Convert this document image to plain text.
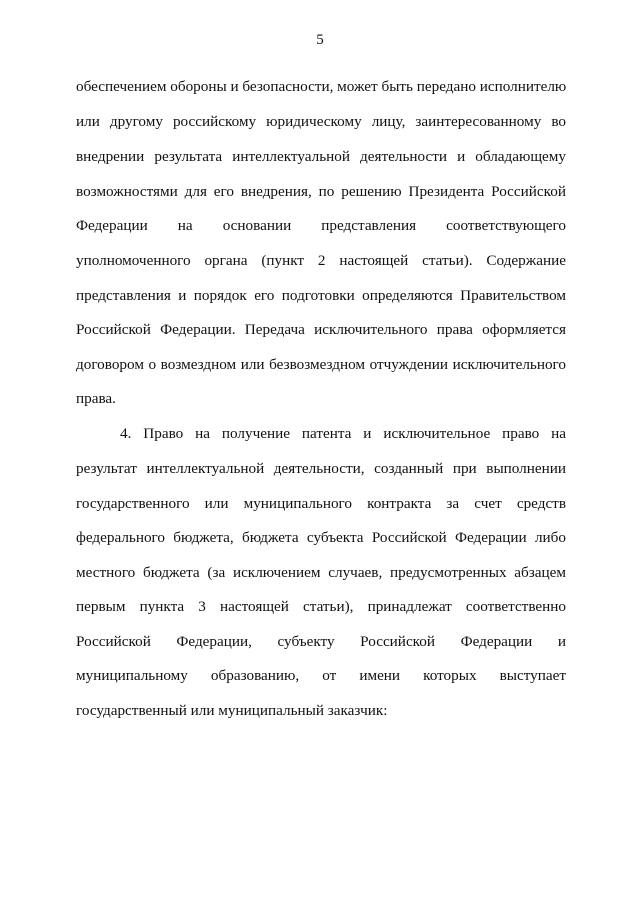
5
обеспечением обороны и безопасности, может быть передано исполнителю
или другому российскому юридическому лицу, заинтересованному во
внедрении результата интеллектуальной деятельности и обладающему
возможностями для его внедрения, по решению Президента Российской
Федерации на основании представления соответствующего
уполномоченного органа (пункт 2 настоящей статьи). Содержание
представления и порядок его подготовки определяются Правительством
Российской Федерации. Передача исключительного права оформляется
договором о возмездном или безвозмездном отчуждении исключительного
права.
4. Право на получение патента и исключительное право на
результат интеллектуальной деятельности, созданный при выполнении
государственного или муниципального контракта за счет средств
федерального бюджета, бюджета субъекта Российской Федерации либо
местного бюджета (за исключением случаев, предусмотренных абзацем
первым пункта 3 настоящей статьи), принадлежат соответственно
Российской Федерации, субъекту Российской Федерации и
муниципальному образованию, от имени которых выступает
государственный или муниципальный заказчик:
